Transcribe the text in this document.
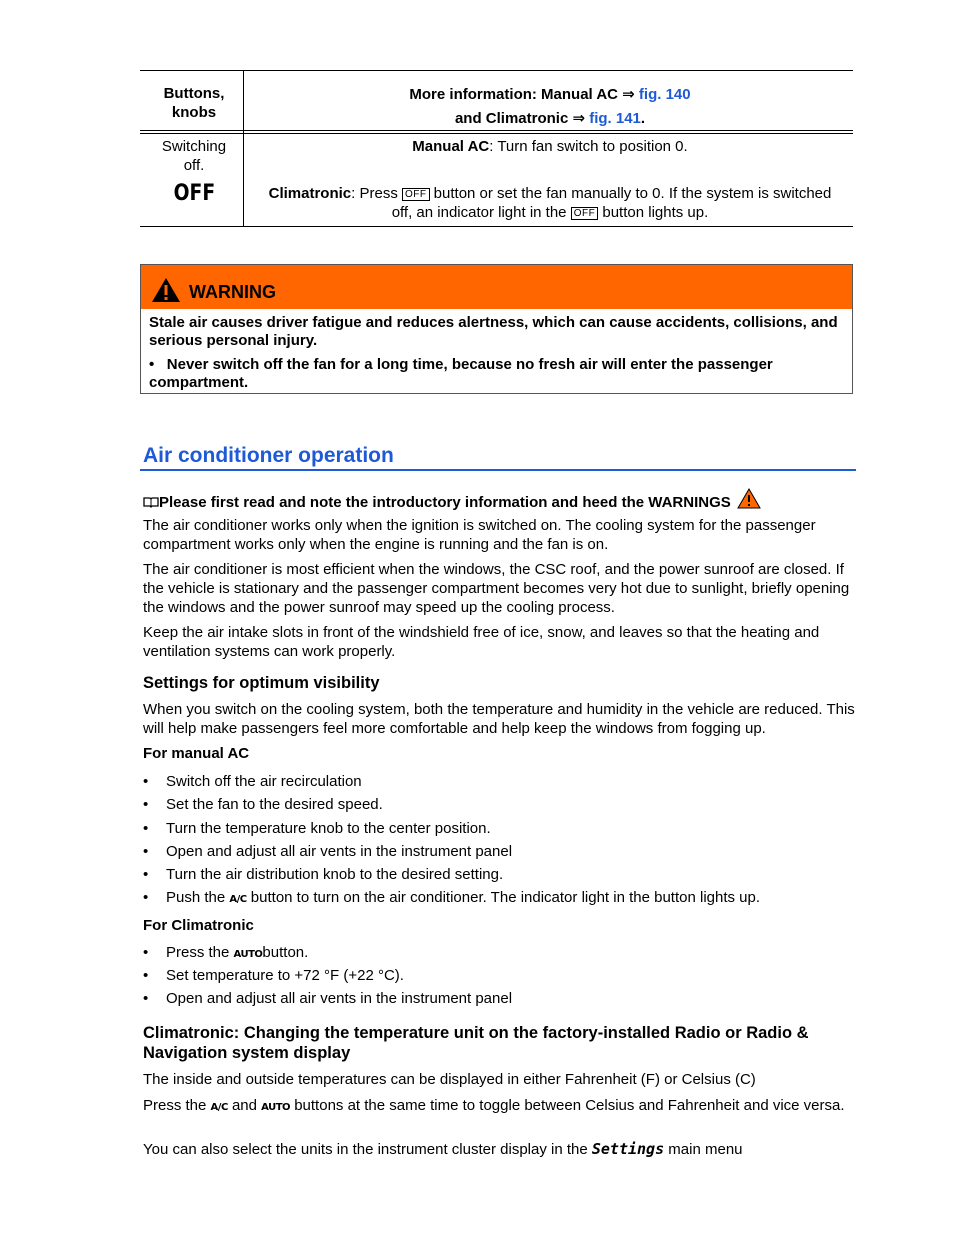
Buttons, knobs
More information: Manual AC ⇒ fig. 140
and Climatronic ⇒ fig. 141.
Switching off.
OFF
Manual AC: Turn fan switch to position 0.
Climatronic: Press OFF button or set the fan manually to 0. If the system is switched
off, an indicator light in the OFF button lights up.
WARNING

Stale air causes driver fatigue and reduces alertness, which can cause accidents, collisions, and serious personal injury.

• Never switch off the fan for a long time, because no fresh air will enter the passenger compartment.

Air conditioner operation
Please first read and note the introductory information and heed the WARNINGS
The air conditioner works only when the ignition is switched on. The cooling system for the passenger compartment works only when the engine is running and the fan is on.
The air conditioner is most efficient when the windows, the CSC roof, and the power sunroof are closed. If the vehicle is stationary and the passenger compartment becomes very hot due to sunlight, briefly opening the windows and the power sunroof may speed up the cooling process.
Keep the air intake slots in front of the windshield free of ice, snow, and leaves so that the heating and ventilation systems can work properly.
Settings for optimum visibility
When you switch on the cooling system, both the temperature and humidity in the vehicle are reduced. This will help make passengers feel more comfortable and help keep the windows from fogging up.
For manual AC
• Switch off the air recirculation
• Set the fan to the desired speed.
• Turn the temperature knob to the center position.
• Open and adjust all air vents in the instrument panel
• Turn the air distribution knob to the desired setting.
• Push the A/C button to turn on the air conditioner. The indicator light in the button lights up.
For Climatronic
• Press the AUTObutton.
• Set temperature to +72 °F (+22 °C).
• Open and adjust all air vents in the instrument panel
Climatronic: Changing the temperature unit on the factory-installed Radio or Radio & Navigation system display
The inside and outside temperatures can be displayed in either Fahrenheit (F) or Celsius (C)
Press the A/C and AUTO buttons at the same time to toggle between Celsius and Fahrenheit and vice versa.
You can also select the units in the instrument cluster display in the Settings main menu
